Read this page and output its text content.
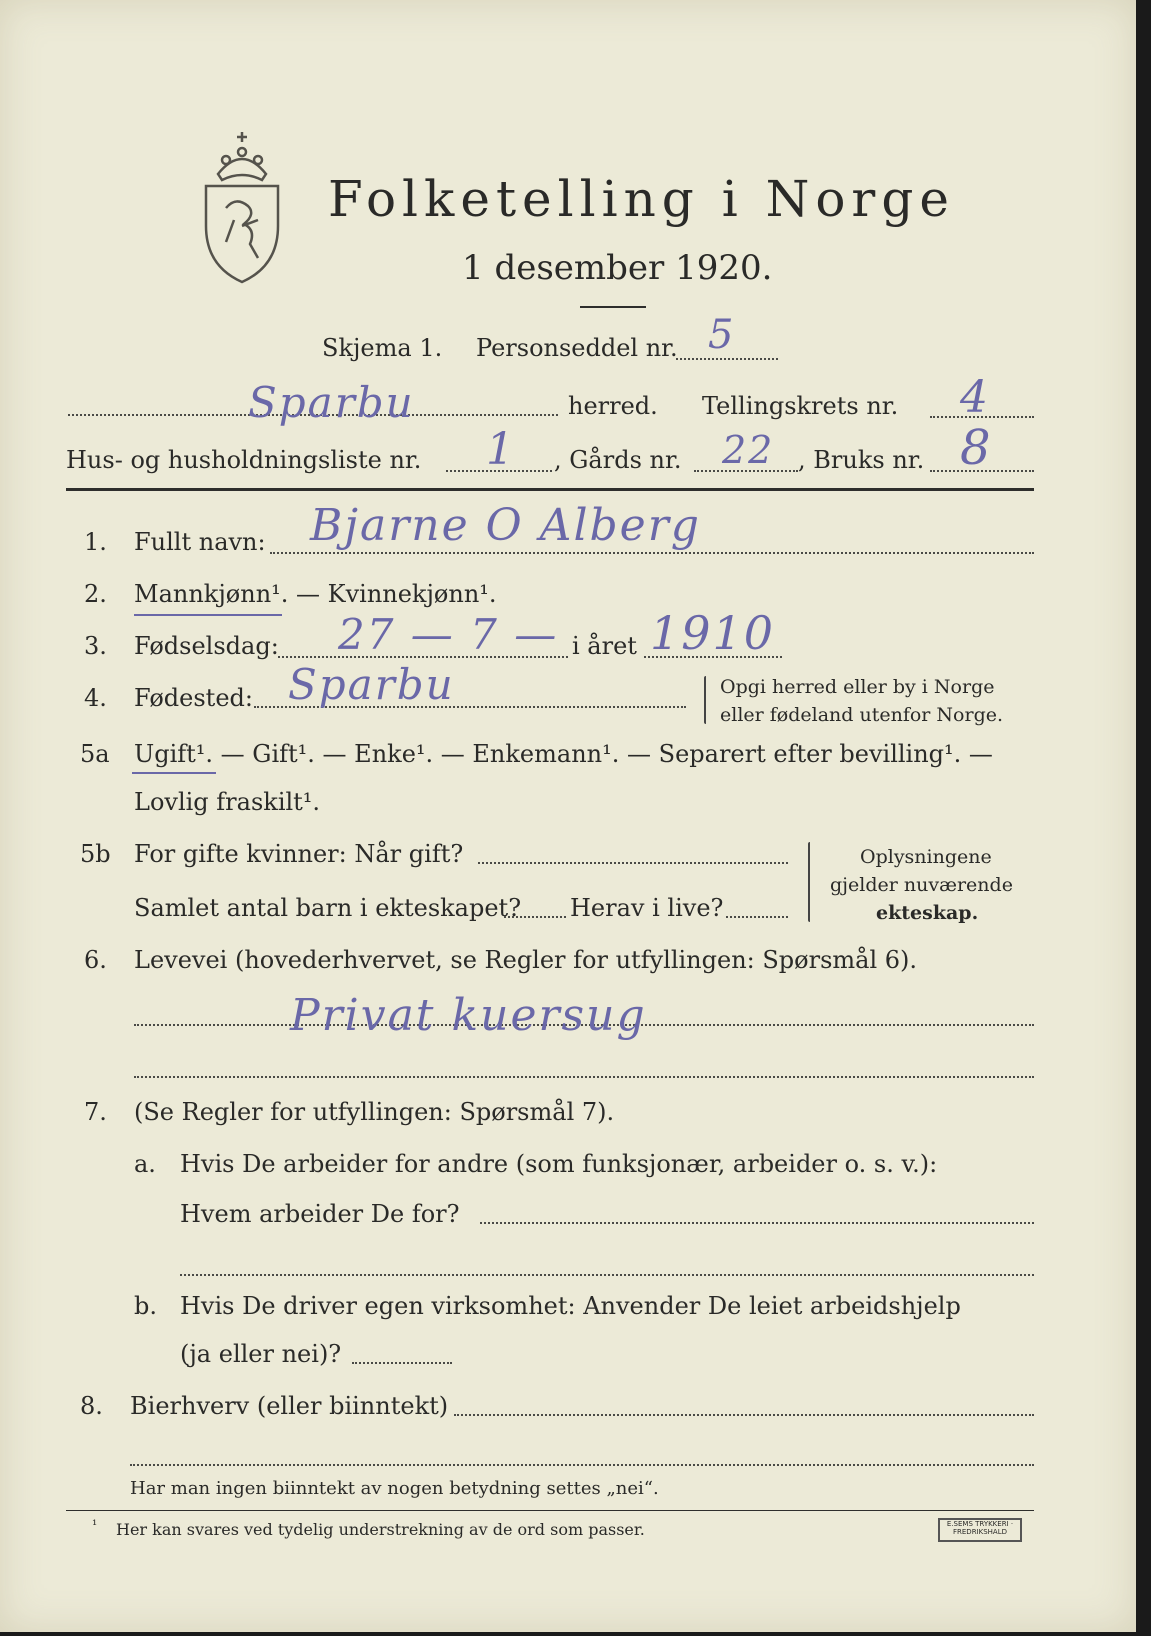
Folketelling i Norge
1 desember 1920.
Skjema 1. Personseddel nr. 5
Sparbu	herred. Tellingskrets nr. 4
Hus- og husholdningsliste nr. 1 , Gårds nr. 22 , Bruks nr. 8
1. Fullt navn: Bjarne O Alberg
2. Mannkjønn¹. — Kvinnekjønn¹.
3. Fødselsdag: 27 — 7 — i året 1910
4. Fødested: Sparbu	Opgi herred eller by i Norge
eller fødeland utenfor Norge.
5a Ugift¹. — Gift¹. — Enke¹. — Enkemann¹. — Separert efter bevilling¹. —
Lovlig fraskilt¹.
5b For gifte kvinner: Når gift?
Samlet antal barn i ekteskapet? Herav i live?
Oplysningene
gjelder nuværende
ekteskap.
6. Levevei (hovederhvervet, se Regler for utfyllingen: Spørsmål 6).
Privat kuersug
7. (Se Regler for utfyllingen: Spørsmål 7).
a. Hvis De arbeider for andre (som funksjonær, arbeider o. s. v.):
Hvem arbeider De for?
b. Hvis De driver egen virksomhet: Anvender De leiet arbeidshjelp
(ja eller nei)?
8. Bierhverv (eller biinntekt)
Har man ingen biinntekt av nogen betydning settes „nei“.
¹ Her kan svares ved tydelig understrekning av de ord som passer.	E.SEMS TRYKKERI · FREDRIKSHALD
